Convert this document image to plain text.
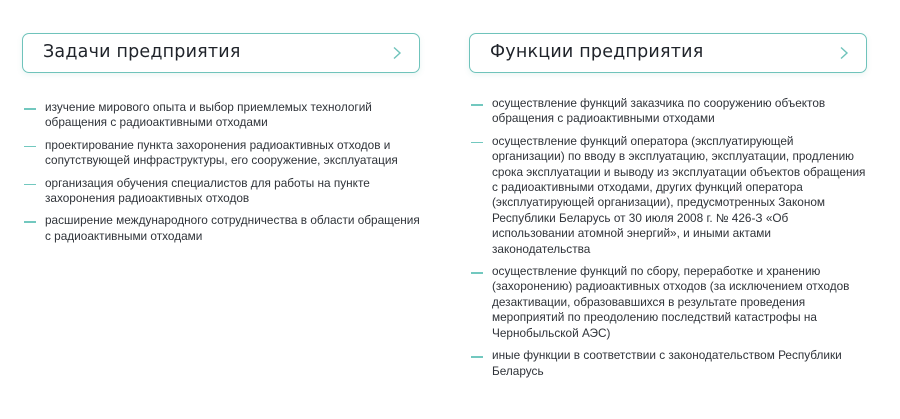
Задачи предприятия
изучение мирового опыта и выбор приемлемых технологий обращения с радиоактивными отходами
проектирование пункта захоронения радиоактивных отходов и сопутствующей инфраструктуры, его сооружение, эксплуатация
организация обучения специалистов для работы на пункте захоронения радиоактивных отходов
расширение международного сотрудничества в области обращения с радиоактивными отходами
Функции предприятия
осуществление функций заказчика по сооружению объектов обращения с радиоактивными отходами
осуществление функций оператора (эксплуатирующей организации) по вводу в эксплуатацию, эксплуатации, продлению срока эксплуатации и выводу из эксплуатации объектов обращения с радиоактивными отходами, других функций оператора (эксплуатирующей организации), предусмотренных Законом Республики Беларусь от 30 июля 2008 г. № 426-З «Об использовании атомной энергий», и иными актами законодательства
осуществление функций по сбору, переработке и хранению (захоронению) радиоактивных отходов (за исключением отходов дезактивации, образовавшихся в результате проведения мероприятий по преодолению последствий катастрофы на Чернобыльской АЭС)
иные функции в соответствии с законодательством Республики Беларусь
